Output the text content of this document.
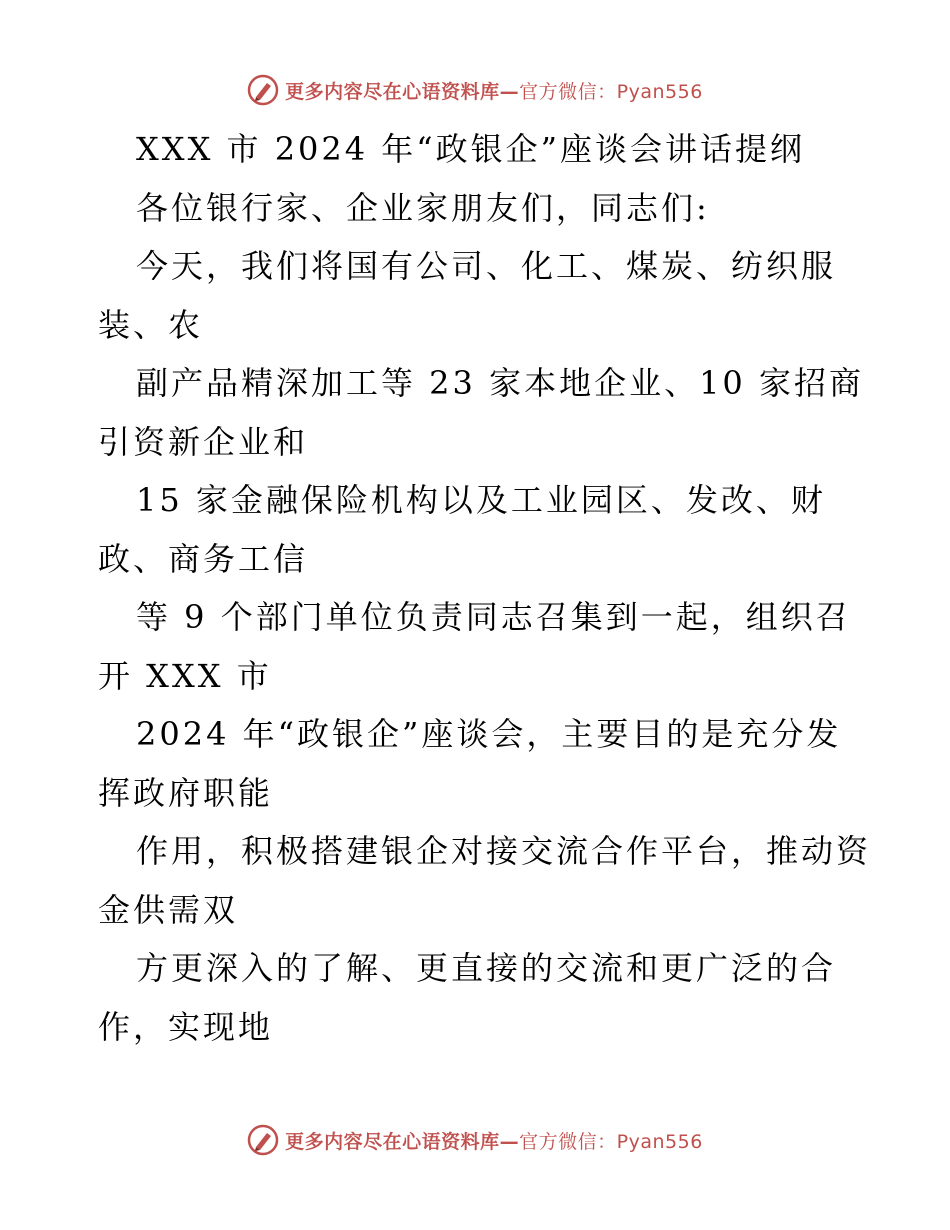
更多内容尽在心语资料库—官方微信：Pyan556
XXX 市 2024 年“政银企”座谈会讲话提纲
各位银行家、企业家朋友们，同志们:
今天，我们将国有公司、化工、煤炭、纺织服
装、农
副产品精深加工等 23 家本地企业、10 家招商
引资新企业和
15 家金融保险机构以及工业园区、发改、财
政、商务工信
等 9 个部门单位负责同志召集到一起，组织召
开 XXX 市
2024 年“政银企”座谈会，主要目的是充分发
挥政府职能
作用，积极搭建银企对接交流合作平台，推动资
金供需双
方更深入的了解、更直接的交流和更广泛的合
作，实现地
更多内容尽在心语资料库—官方微信：Pyan556
